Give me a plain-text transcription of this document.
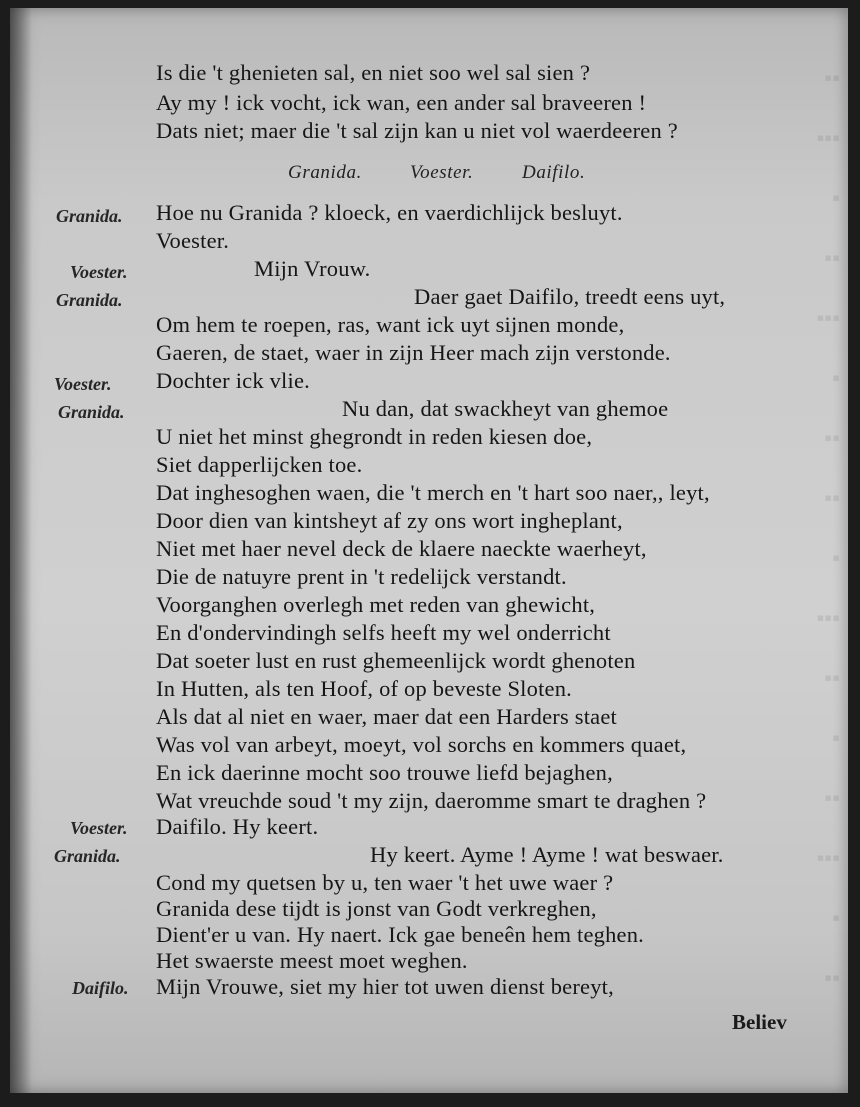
▪▪
▪▪▪
▪
▪▪
▪▪▪
▪
▪▪
▪▪
▪
▪▪▪
▪▪
▪
▪▪
▪▪▪
▪
▪▪
Is die 't ghenieten sal, en niet soo wel sal sien ?
Ay my ! ick vocht, ick wan, een ander sal braveeren !
Dats niet; maer die 't sal zijn kan u niet vol waerdeeren ?
Granida.	Voester.	Daifilo.
Granida.
Voester.
Granida.
Voester.
Granida.
Voester.
Granida.
Daifilo.
Hoe nu Granida ? kloeck, en vaerdichlijck besluyt.
Voester.
Mijn Vrouw.
Daer gaet Daifilo, treedt eens uyt,
Om hem te roepen, ras, want ick uyt sijnen monde,
Gaeren, de staet, waer in zijn Heer mach zijn verstonde.
Dochter ick vlie.
Nu dan, dat swackheyt van ghemoe
U niet het minst ghegrondt in reden kiesen doe,
Siet dapperlijcken toe.
Dat inghesoghen waen, die 't merch en 't hart soo naer,, leyt,
Door dien van kintsheyt af zy ons wort ingheplant,
Niet met haer nevel deck de klaere naeckte waerheyt,
Die de natuyre prent in 't redelijck verstandt.
Voorganghen overlegh met reden van ghewicht,
En d'ondervindingh selfs heeft my wel onderricht
Dat soeter lust en rust ghemeenlijck wordt ghenoten
In Hutten, als ten Hoof, of op beveste Sloten.
Als dat al niet en waer, maer dat een Harders staet
Was vol van arbeyt, moeyt, vol sorchs en kommers quaet,
En ick daerinne mocht soo trouwe liefd bejaghen,
Wat vreuchde soud 't my zijn, daeromme smart te draghen ?
Daifilo. Hy keert.
Hy keert. Ayme ! Ayme ! wat beswaer.
Cond my quetsen by u, ten waer 't het uwe waer ?
Granida dese tijdt is jonst van Godt verkreghen,
Dient'er u van. Hy naert. Ick gae beneên hem teghen.
Het swaerste meest moet weghen.
Mijn Vrouwe, siet my hier tot uwen dienst bereyt,
Believ
